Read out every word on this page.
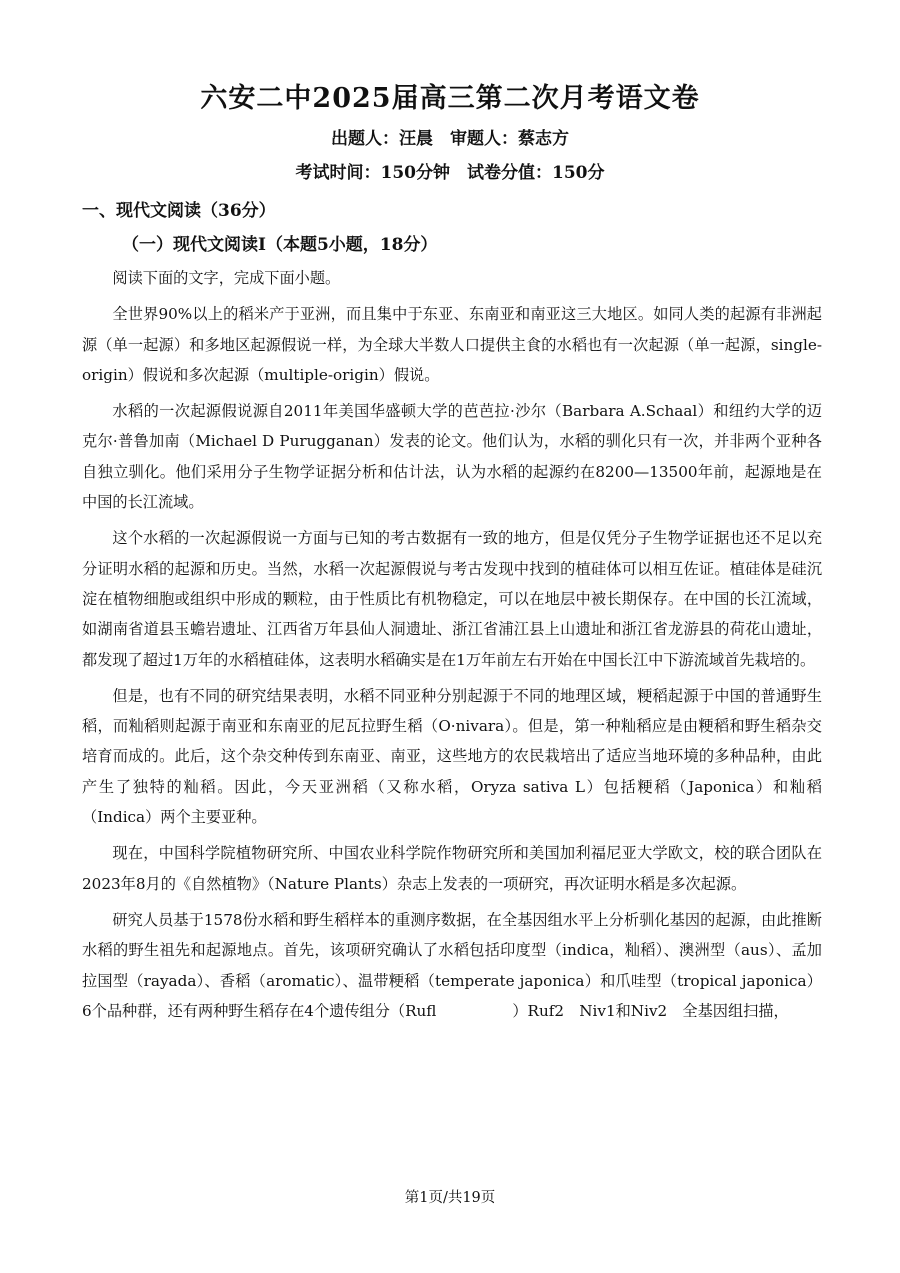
六安二中2025届高三第二次月考语文卷
出题人：汪晨　审题人：蔡志方
考试时间：150分钟　试卷分值：150分
一、现代文阅读（36分）
（一）现代文阅读Ⅰ（本题5小题，18分）

阅读下面的文字，完成下面小题。

全世界90%以上的稻米产于亚洲，而且集中于东亚、东南亚和南亚这三大地区。如同人类的起源有非洲起源（单一起源）和多地区起源假说一样，为全球大半数人口提供主食的水稻也有一次起源（单一起源，single-origin）假说和多次起源（multiple-origin）假说。

水稻的一次起源假说源自2011年美国华盛顿大学的芭芭拉·沙尔（Barbara A.Schaal）和纽约大学的迈克尔·普鲁加南（Michael D Purugganan）发表的论文。他们认为，水稻的驯化只有一次，并非两个亚种各自独立驯化。他们采用分子生物学证据分析和估计法，认为水稻的起源约在8200—13500年前，起源地是在中国的长江流域。

这个水稻的一次起源假说一方面与已知的考古数据有一致的地方，但是仅凭分子生物学证据也还不足以充分证明水稻的起源和历史。当然，水稻一次起源假说与考古发现中找到的植硅体可以相互佐证。植硅体是硅沉淀在植物细胞或组织中形成的颗粒，由于性质比有机物稳定，可以在地层中被长期保存。在中国的长江流域，如湖南省道县玉蟾岩遗址、江西省万年县仙人洞遗址、浙江省浦江县上山遗址和浙江省龙游县的荷花山遗址，都发现了超过1万年的水稻植硅体，这表明水稻确实是在1万年前左右开始在中国长江中下游流域首先栽培的。

但是，也有不同的研究结果表明，水稻不同亚种分别起源于不同的地理区域，粳稻起源于中国的普通野生稻，而籼稻则起源于南亚和东南亚的尼瓦拉野生稻（O·nivara）。但是，第一种籼稻应是由粳稻和野生稻杂交培育而成的。此后，这个杂交种传到东南亚、南亚，这些地方的农民栽培出了适应当地环境的多种品种，由此产生了独特的籼稻。因此，今天亚洲稻（又称水稻，Oryza sativa L）包括粳稻（Japonica）和籼稻（Indica）两个主要亚种。

现在，中国科学院植物研究所、中国农业科学院作物研究所和美国加利福尼亚大学欧文，校的联合团队在2023年8月的《自然植物》（Nature Plants）杂志上发表的一项研究，再次证明水稻是多次起源。

研究人员基于1578份水稻和野生稻样本的重测序数据，在全基因组水平上分析驯化基因的起源，由此推断水稻的野生祖先和起源地点。首先，该项研究确认了水稻包括印度型（indica，籼稻）、澳洲型（aus）、孟加拉国型（rayada）、香稻（aromatic）、温带粳稻（temperate japonica）和爪哇型（tropical japonica）6个品种群，还有两种野生稻存在4个遗传组分（Rufl　　　　　）Ruf2　Niv1和Niv2　全基因组扫描，

第1页/共19页
